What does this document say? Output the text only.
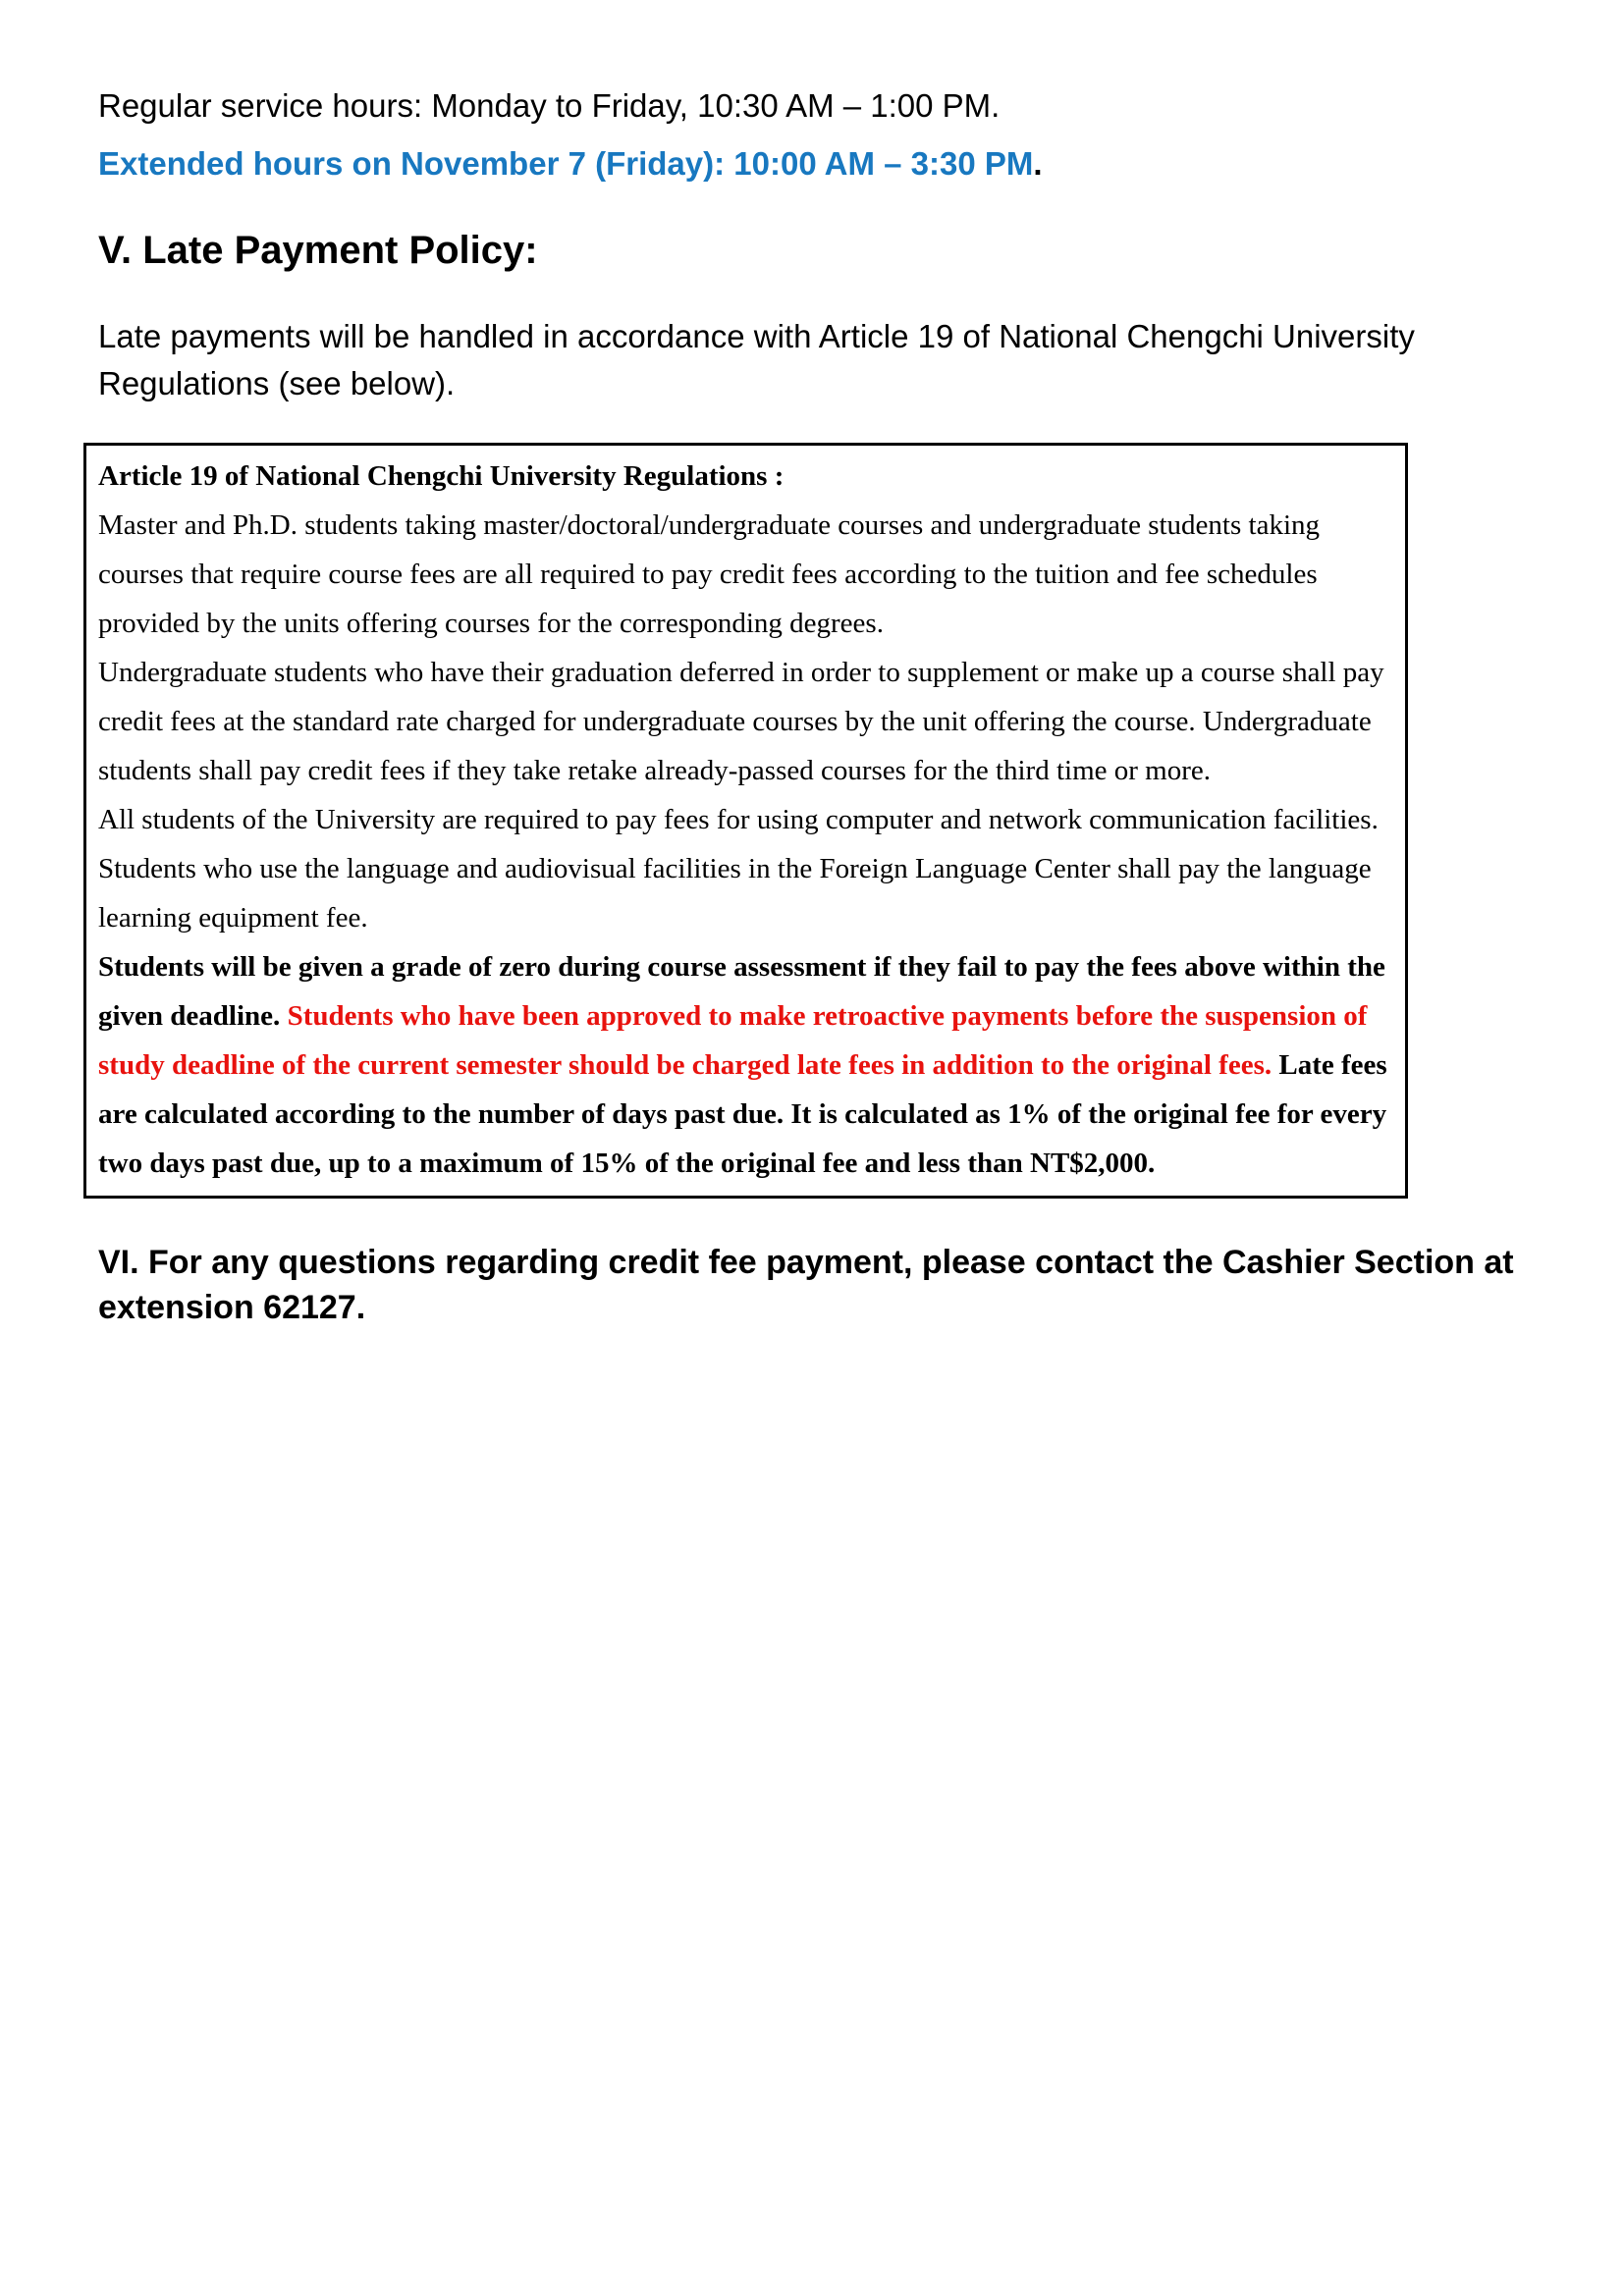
Regular service hours: Monday to Friday, 10:30 AM – 1:00 PM.

Extended hours on November 7 (Friday): 10:00 AM – 3:30 PM.

V. Late Payment Policy:

Late payments will be handled in accordance with Article 19 of National Chengchi University Regulations (see below).

Article 19 of National Chengchi University Regulations :

Master and Ph.D. students taking master/doctoral/undergraduate courses and undergraduate students taking courses that require course fees are all required to pay credit fees according to the tuition and fee schedules provided by the units offering courses for the corresponding degrees.

Undergraduate students who have their graduation deferred in order to supplement or make up a course shall pay credit fees at the standard rate charged for undergraduate courses by the unit offering the course. Undergraduate students shall pay credit fees if they take retake already-passed courses for the third time or more.

All students of the University are required to pay fees for using computer and network communication facilities. Students who use the language and audiovisual facilities in the Foreign Language Center shall pay the language learning equipment fee.

Students will be given a grade of zero during course assessment if they fail to pay the fees above within the given deadline. Students who have been approved to make retroactive payments before the suspension of study deadline of the current semester should be charged late fees in addition to the original fees. Late fees are calculated according to the number of days past due. It is calculated as 1% of the original fee for every two days past due, up to a maximum of 15% of the original fee and less than NT$2,000.

VI. For any questions regarding credit fee payment, please contact the Cashier Section at extension 62127.
